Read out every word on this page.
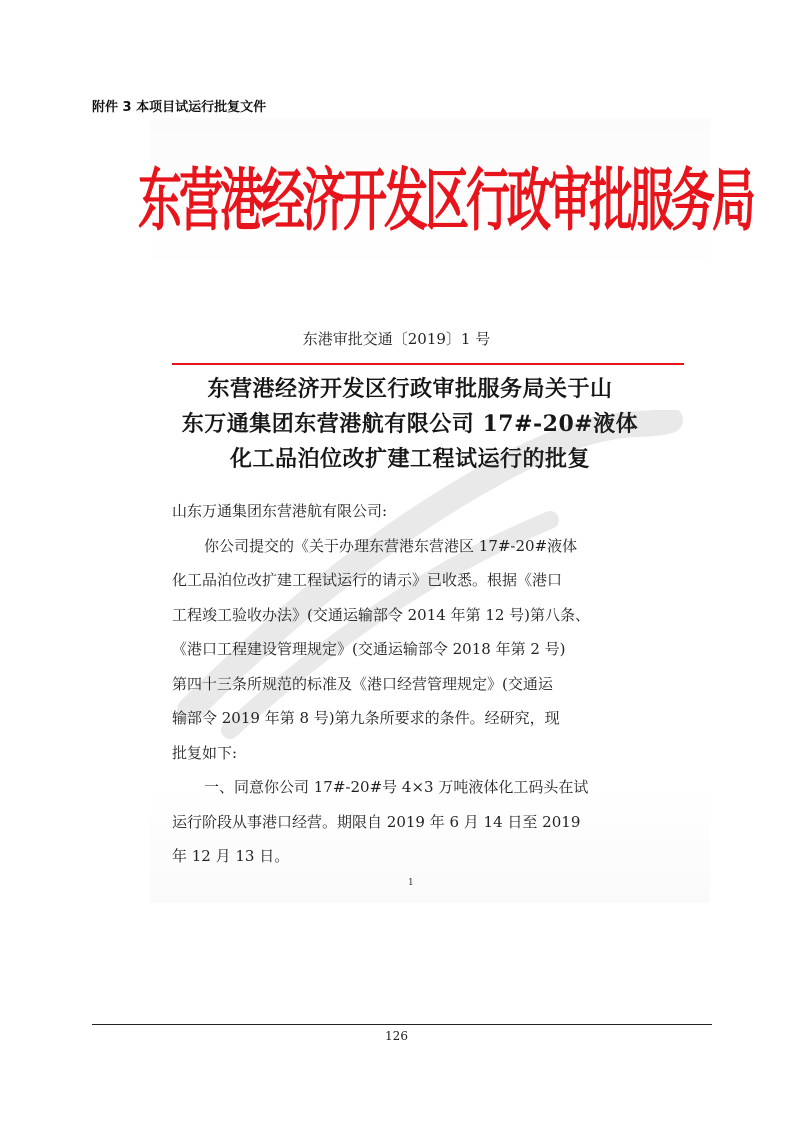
附件 3 本项目试运行批复文件
东营港经济开发区行政审批服务局
东港审批交通〔2019〕1 号
东营港经济开发区行政审批服务局关于山
东万通集团东营港航有限公司 17#-20#液体
化工品泊位改扩建工程试运行的批复
山东万通集团东营港航有限公司:
你公司提交的《关于办理东营港东营港区 17#-20#液体
化工品泊位改扩建工程试运行的请示》已收悉。根据《港口
工程竣工验收办法》(交通运输部令 2014 年第 12 号)第八条、
《港口工程建设管理规定》(交通运输部令 2018 年第 2 号)
第四十三条所规范的标准及《港口经营管理规定》(交通运
输部令 2019 年第 8 号)第九条所要求的条件。经研究，现
批复如下:
一、同意你公司 17#-20#号 4×3 万吨液体化工码头在试
运行阶段从事港口经营。期限自 2019 年 6 月 14 日至 2019
年 12 月 13 日。
1
126
